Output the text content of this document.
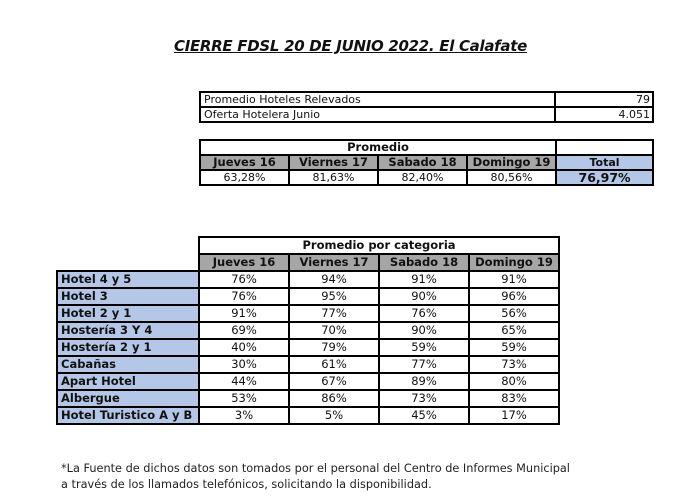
CIERRE FDSL 20 DE JUNIO 2022. El Calafate
Promedio Hoteles Relevados	79
Oferta Hotelera Junio	4.051
Promedio				
Jueves 16	Viernes 17	Sabado 18	Domingo 19	Total
63,28%	81,63%	82,40%	80,56%	76,97%
	Promedio por categoria			
	Jueves 16	Viernes 17	Sabado 18	Domingo 19
Hotel 4 y 5	76%	94%	91%	91%
Hotel 3	76%	95%	90%	96%
Hotel 2 y 1	91%	77%	76%	56%
Hostería 3 Y 4	69%	70%	90%	65%
Hostería 2 y 1	40%	79%	59%	59%
Cabañas	30%	61%	77%	73%
Apart Hotel	44%	67%	89%	80%
Albergue	53%	86%	73%	83%
Hotel Turistico A y B	3%	5%	45%	17%
*La Fuente de dichos datos son tomados por el personal del Centro de Informes Municipal
a través de los llamados telefónicos, solicitando la disponibilidad.
